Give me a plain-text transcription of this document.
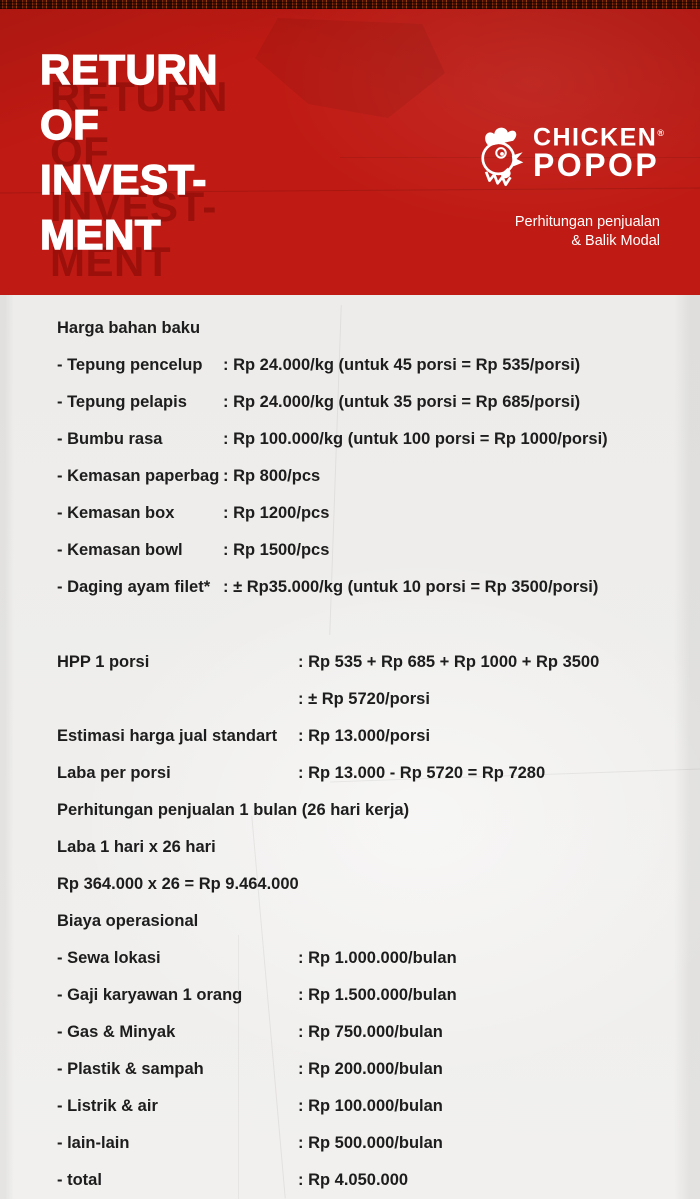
RETURN
OF
INVEST-
MENT
CHICKEN®
POPOP
Perhitungan penjualan
& Balik Modal
Harga bahan baku
- Tepung pencelup	: Rp 24.000/kg (untuk 45 porsi = Rp 535/porsi)
- Tepung pelapis	: Rp 24.000/kg (untuk 35 porsi = Rp 685/porsi)
- Bumbu rasa	: Rp 100.000/kg (untuk 100 porsi = Rp 1000/porsi)
- Kemasan paperbag : Rp 800/pcs
- Kemasan box	: Rp 1200/pcs
- Kemasan bowl	: Rp 1500/pcs
- Daging ayam filet* : ± Rp35.000/kg (untuk 10 porsi = Rp 3500/porsi)
HPP 1 porsi	: Rp 535 + Rp 685 + Rp 1000 + Rp 3500
: ± Rp 5720/porsi
Estimasi harga jual standart	: Rp 13.000/porsi
Laba per porsi	: Rp 13.000 - Rp 5720 = Rp 7280
Perhitungan penjualan 1 bulan (26 hari kerja)
Laba 1 hari x 26 hari
Rp 364.000 x 26 = Rp 9.464.000
Biaya operasional
- Sewa lokasi	: Rp 1.000.000/bulan
- Gaji karyawan 1 orang	: Rp 1.500.000/bulan
- Gas & Minyak	: Rp 750.000/bulan
- Plastik & sampah	: Rp 200.000/bulan
- Listrik & air	: Rp 100.000/bulan
- lain-lain	: Rp 500.000/bulan
- total	: Rp 4.050.000
